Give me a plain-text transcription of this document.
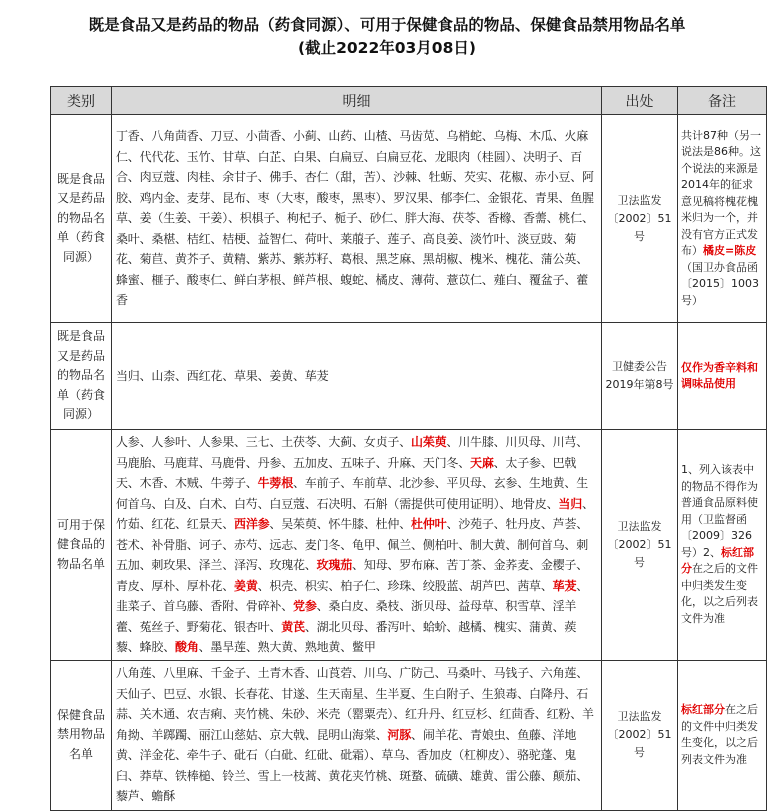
既是食品又是药品的物品（药食同源）、可用于保健食品的物品、保健食品禁用物品名单
(截止2022年03月08日)
类别	明细	出处	备注
既是食品又是药品的物品名单（药食同源）	丁香、八角茴香、刀豆、小茴香、小蓟、山药、山楂、马齿苋、乌梢蛇、乌梅、木瓜、火麻仁、代代花、玉竹、甘草、白芷、白果、白扁豆、白扁豆花、龙眼肉（桂圆）、决明子、百合、肉豆蔻、肉桂、余甘子、佛手、杏仁（甜，苦）、沙棘、牡蛎、芡实、花椒、赤小豆、阿胶、鸡内金、麦芽、昆布、枣（大枣，酸枣，黑枣）、罗汉果、郁李仁、金银花、青果、鱼腥草、姜（生姜、干姜）、枳椇子、枸杞子、栀子、砂仁、胖大海、茯苓、香橼、香薷、桃仁、桑叶、桑椹、桔红、桔梗、益智仁、荷叶、莱菔子、莲子、高良姜、淡竹叶、淡豆豉、菊花、菊苣、黄芥子、黄精、紫苏、紫苏籽、葛根、黑芝麻、黑胡椒、槐米、槐花、蒲公英、蜂蜜、榧子、酸枣仁、鲜白茅根、鲜芦根、蝮蛇、橘皮、薄荷、薏苡仁、薤白、覆盆子、藿香	卫法监发〔2002〕51号	共计87种（另一说法是86种。这个说法的来源是2014年的征求意见稿将槐花槐米归为一个，并没有官方正式发布）橘皮=陈皮（国卫办食品函〔2015〕1003号）
既是食品又是药品的物品名单（药食同源）	当归、山柰、西红花、草果、姜黄、荜茇	卫健委公告2019年第8号	仅作为香辛料和调味品使用
可用于保健食品的物品名单	人参、人参叶、人参果、三七、土茯苓、大蓟、女贞子、山茱萸、川牛膝、川贝母、川芎、马鹿胎、马鹿茸、马鹿骨、丹参、五加皮、五味子、升麻、天门冬、天麻、太子参、巴戟天、木香、木贼、牛蒡子、牛蒡根、车前子、车前草、北沙参、平贝母、玄参、生地黄、生何首乌、白及、白术、白芍、白豆蔻、石决明、石斛（需提供可使用证明）、地骨皮、当归、竹茹、红花、红景天、西洋参、吴茱萸、怀牛膝、杜仲、杜仲叶、沙苑子、牡丹皮、芦荟、苍术、补骨脂、诃子、赤芍、远志、麦门冬、龟甲、佩兰、侧柏叶、制大黄、制何首乌、刺五加、刺玫果、泽兰、泽泻、玫瑰花、玫瑰茄、知母、罗布麻、苦丁茶、金荞麦、金樱子、青皮、厚朴、厚朴花、姜黄、枳壳、枳实、柏子仁、珍珠、绞股蓝、胡芦巴、茜草、荜茇、韭菜子、首乌藤、香附、骨碎补、党参、桑白皮、桑枝、浙贝母、益母草、积雪草、淫羊藿、菟丝子、野菊花、银杏叶、黄芪、湖北贝母、番泻叶、蛤蚧、越橘、槐实、蒲黄、蒺藜、蜂胶、酸角、墨旱莲、熟大黄、熟地黄、鳖甲	卫法监发〔2002〕51号	1、列入该表中的物品不得作为普通食品原料使用（卫监督函〔2009〕326号）2、标红部分在之后的文件中归类发生变化，以之后列表文件为准
保健食品禁用物品名单	八角莲、八里麻、千金子、土青木香、山莨菪、川乌、广防己、马桑叶、马钱子、六角莲、天仙子、巴豆、水银、长春花、甘遂、生天南星、生半夏、生白附子、生狼毒、白降丹、石蒜、关木通、农吉痢、夹竹桃、朱砂、米壳（罂粟壳）、红升丹、红豆杉、红茴香、红粉、羊角拗、羊踯躅、丽江山慈姑、京大戟、昆明山海棠、河豚、闹羊花、青娘虫、鱼藤、洋地黄、洋金花、牵牛子、砒石（白砒、红砒、砒霜）、草乌、香加皮（杠柳皮）、骆驼蓬、鬼臼、莽草、铁棒槌、铃兰、雪上一枝蒿、黄花夹竹桃、斑蝥、硫磺、雄黄、雷公藤、颠茄、藜芦、蟾酥	卫法监发〔2002〕51号	标红部分在之后的文件中归类发生变化，以之后列表文件为准
